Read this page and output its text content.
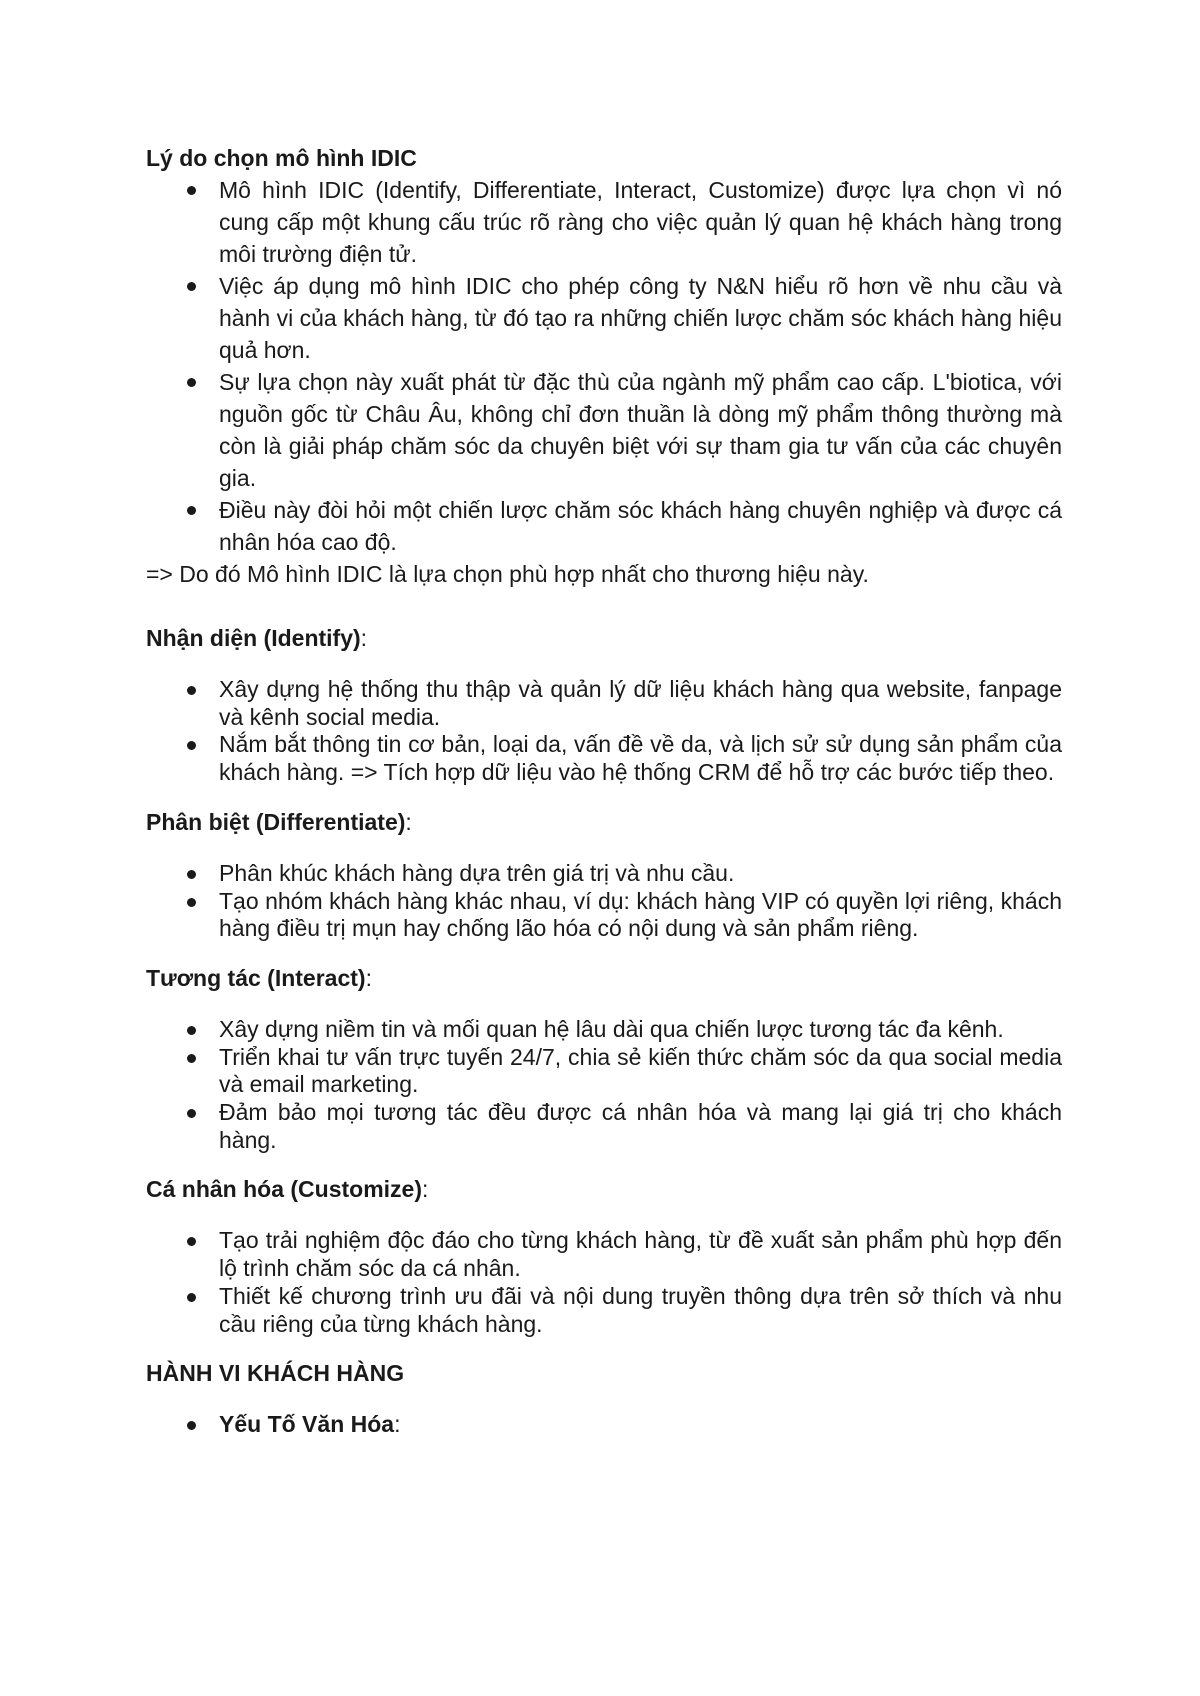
Lý do chọn mô hình IDIC

Mô hình IDIC (Identify, Differentiate, Interact, Customize) được lựa chọn vì nó cung cấp một khung cấu trúc rõ ràng cho việc quản lý quan hệ khách hàng trong môi trường điện tử.
Việc áp dụng mô hình IDIC cho phép công ty N&N hiểu rõ hơn về nhu cầu và hành vi của khách hàng, từ đó tạo ra những chiến lược chăm sóc khách hàng hiệu quả hơn.
Sự lựa chọn này xuất phát từ đặc thù của ngành mỹ phẩm cao cấp. L'biotica, với nguồn gốc từ Châu Âu, không chỉ đơn thuần là dòng mỹ phẩm thông thường mà còn là giải pháp chăm sóc da chuyên biệt với sự tham gia tư vấn của các chuyên gia.
Điều này đòi hỏi một chiến lược chăm sóc khách hàng chuyên nghiệp và được cá nhân hóa cao độ.

=> Do đó Mô hình IDIC là lựa chọn phù hợp nhất cho thương hiệu này.

Nhận diện (Identify):

Xây dựng hệ thống thu thập và quản lý dữ liệu khách hàng qua website, fanpage và kênh social media.
Nắm bắt thông tin cơ bản, loại da, vấn đề về da, và lịch sử sử dụng sản phẩm của khách hàng. => Tích hợp dữ liệu vào hệ thống CRM để hỗ trợ các bước tiếp theo.

Phân biệt (Differentiate):

Phân khúc khách hàng dựa trên giá trị và nhu cầu.
Tạo nhóm khách hàng khác nhau, ví dụ: khách hàng VIP có quyền lợi riêng, khách hàng điều trị mụn hay chống lão hóa có nội dung và sản phẩm riêng.

Tương tác (Interact):

Xây dựng niềm tin và mối quan hệ lâu dài qua chiến lược tương tác đa kênh.
Triển khai tư vấn trực tuyến 24/7, chia sẻ kiến thức chăm sóc da qua social media và email marketing.
Đảm bảo mọi tương tác đều được cá nhân hóa và mang lại giá trị cho khách hàng.

Cá nhân hóa (Customize):

Tạo trải nghiệm độc đáo cho từng khách hàng, từ đề xuất sản phẩm phù hợp đến lộ trình chăm sóc da cá nhân.
Thiết kế chương trình ưu đãi và nội dung truyền thông dựa trên sở thích và nhu cầu riêng của từng khách hàng.

HÀNH VI KHÁCH HÀNG

Yếu Tố Văn Hóa:
